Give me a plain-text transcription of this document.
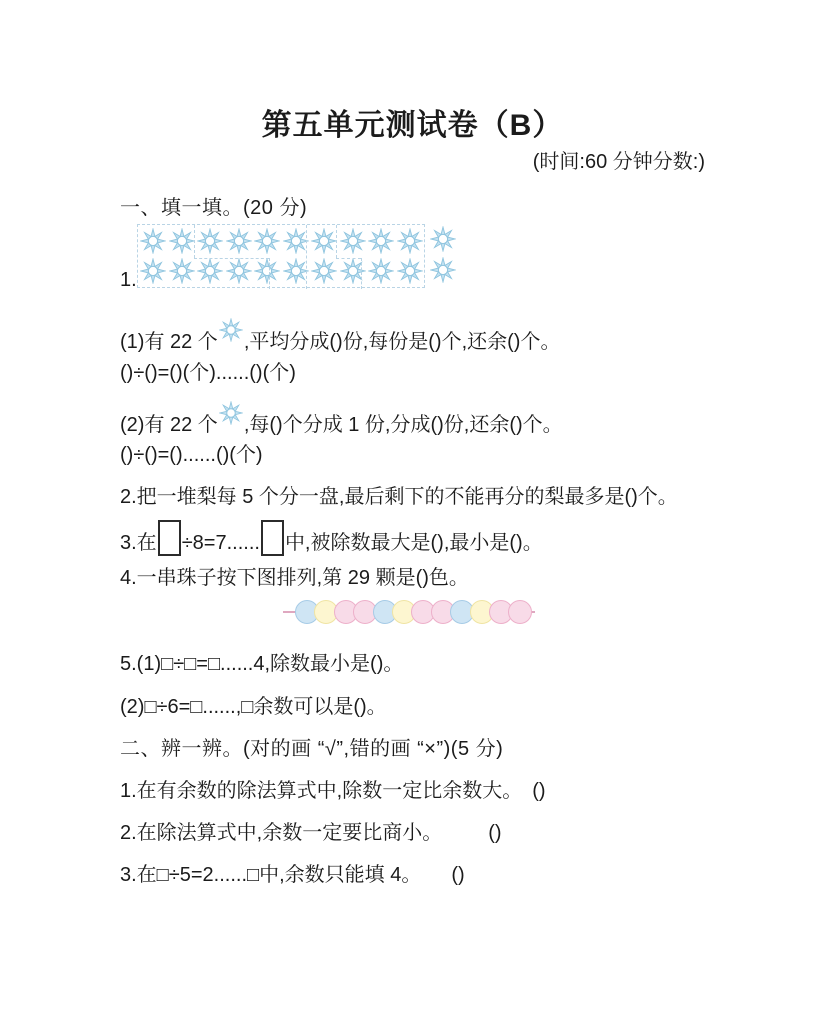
第五单元测试卷（B）
(时间:60 分钟分数:)
一、填一填。(20 分)
1.
(1)有 22 个 ,平均分成()份,每份是()个,还余()个。
()÷()=()(个)......()(个)
(2)有 22 个 ,每()个分成 1 份,分成()份,还余()个。
()÷()=()......()(个)
2.把一堆梨每 5 个分一盘,最后剩下的不能再分的梨最多是()个。
3.在 ÷8=7...... 中,被除数最大是(),最小是()。
4.一串珠子按下图排列,第 29 颗是()色。
5.(1)□÷□=□......4,除数最小是()。
(2)□÷6=□......,□余数可以是()。
二、辨一辨。(对的画 “√”,错的画 “×”)(5 分)
1.在有余数的除法算式中,除数一定比余数大。 ()
2.在除法算式中,余数一定要比商小。 ()
3.在□÷5=2......□中,余数只能填 4。 ()
